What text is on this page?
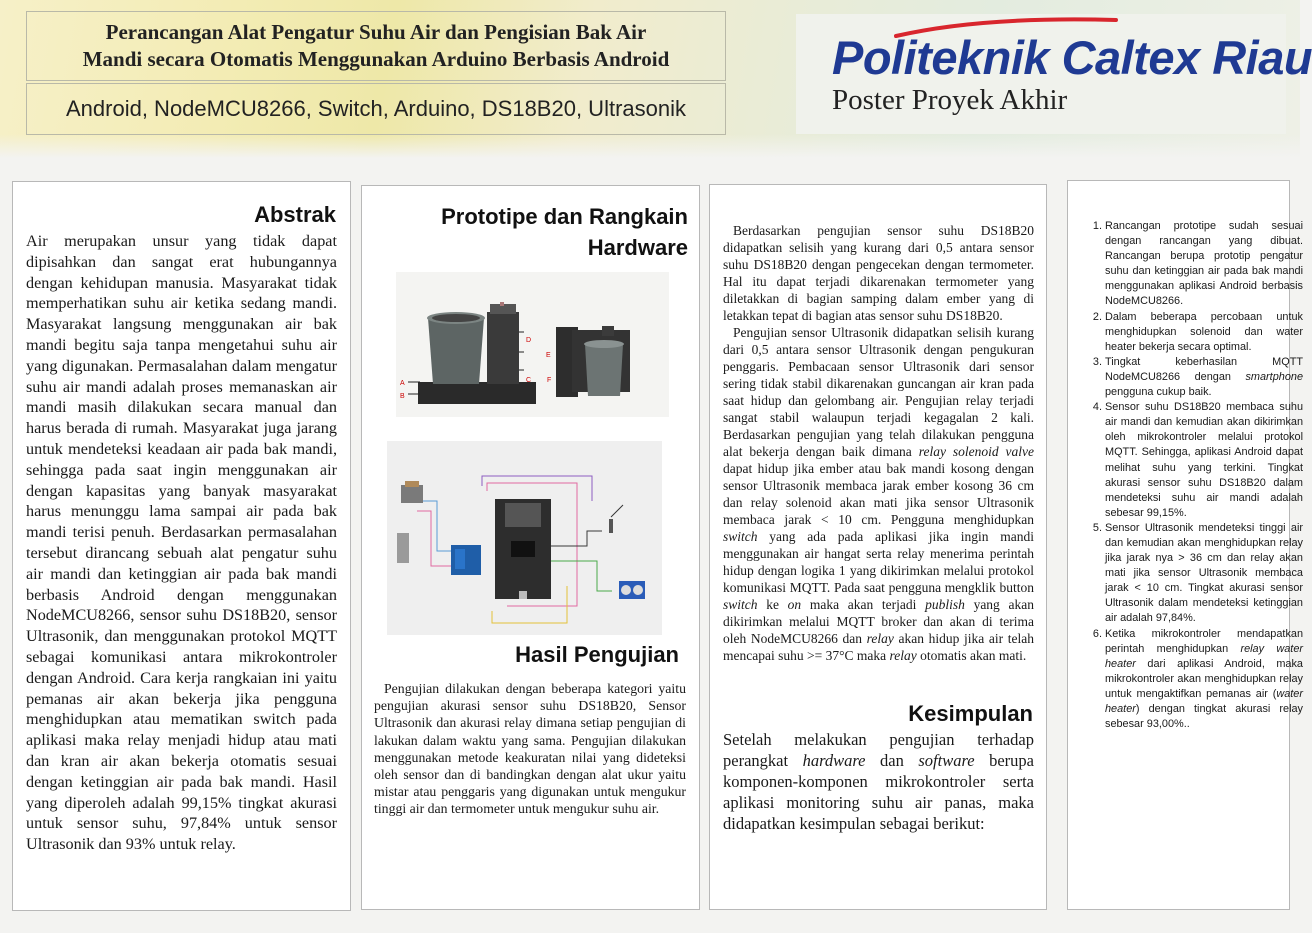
Perancangan Alat Pengatur Suhu Air dan Pengisian Bak Air
Mandi secara Otomatis Menggunakan Arduino Berbasis Android
Android, NodeMCU8266, Switch, Arduino, DS18B20, Ultrasonik
Politeknik Caltex Riau
Poster Proyek Akhir
Abstrak
Air merupakan unsur yang tidak dapat dipisahkan dan sangat erat hubungannya dengan kehidupan manusia. Masyarakat tidak memperhatikan suhu air ketika sedang mandi. Masyarakat langsung menggunakan air bak mandi begitu saja tanpa mengetahui suhu air yang digunakan. Permasalahan dalam mengatur suhu air mandi adalah proses memanaskan air mandi masih dilakukan secara manual dan harus berada di rumah. Masyarakat juga jarang untuk mendeteksi keadaan air pada bak mandi, sehingga pada saat ingin menggunakan air dengan kapasitas yang banyak masyarakat harus menunggu lama sampai air pada bak mandi terisi penuh. Berdasarkan permasalahan tersebut dirancang sebuah alat pengatur suhu air mandi dan ketinggian air pada bak mandi berbasis Android dengan menggunakan NodeMCU8266, sensor suhu DS18B20, sensor Ultrasonik, dan menggunakan protokol MQTT sebagai komunikasi antara mikrokontroler dengan Android. Cara kerja rangkaian ini yaitu pemanas air akan bekerja jika pengguna menghidupkan atau mematikan switch pada aplikasi maka relay menjadi hidup atau mati dan kran air akan bekerja otomatis sesuai dengan ketinggian air pada bak mandi. Hasil yang diperoleh adalah 99,15% tingkat akurasi untuk sensor suhu, 97,84% untuk sensor Ultrasonik dan 93% untuk relay.
Prototipe dan Rangkain Hardware
A
B
C
D
E
F
Hasil Pengujian
Pengujian dilakukan dengan beberapa kategori yaitu pengujian akurasi sensor suhu DS18B20, Sensor Ultrasonik dan akurasi relay dimana setiap pengujian di lakukan dalam waktu yang sama. Pengujian dilakukan menggunakan metode keakuratan nilai yang dideteksi oleh sensor dan di bandingkan dengan alat ukur yaitu mistar atau penggaris yang digunakan untuk mengukur tinggi air dan termometer untuk mengukur suhu air.

Berdasarkan pengujian sensor suhu DS18B20 didapatkan selisih yang kurang dari 0,5 antara sensor suhu DS18B20 dengan pengecekan dengan termometer. Hal itu dapat terjadi dikarenakan termometer yang diletakkan di bagian samping dalam ember yang di letakkan tepat di bagian atas sensor suhu DS18B20.

Pengujian sensor Ultrasonik didapatkan selisih kurang dari 0,5 antara sensor Ultrasonik dengan pengukuran penggaris. Pembacaan sensor Ultrasonik dari sensor sering tidak stabil dikarenakan guncangan air kran pada saat hidup dan gelombang air. Pengujian relay terjadi sangat stabil walaupun terjadi kegagalan 2 kali. Berdasarkan pengujian yang telah dilakukan pengguna alat bekerja dengan baik dimana relay solenoid valve dapat hidup jika ember atau bak mandi kosong dengan sensor Ultrasonik membaca jarak ember kosong 36 cm dan relay solenoid akan mati jika sensor Ultrasonik membaca jarak < 10 cm. Pengguna menghidupkan switch yang ada pada aplikasi jika ingin mandi menggunakan air hangat serta relay menerima perintah hidup dengan logika 1 yang dikirimkan melalui protokol komunikasi MQTT. Pada saat pengguna mengklik button switch ke on maka akan terjadi publish yang akan dikirimkan melalui MQTT broker dan akan di terima oleh NodeMCU8266 dan relay akan hidup jika air telah mencapai suhu >= 37°C maka relay otomatis akan mati.

Kesimpulan
Setelah melakukan pengujian terhadap perangkat hardware dan software berupa komponen-komponen mikrokontroler serta aplikasi monitoring suhu air panas, maka didapatkan kesimpulan sebagai berikut:
1. Rancangan prototipe sudah sesuai dengan rancangan yang dibuat. Rancangan berupa prototip pengatur suhu dan ketinggian air pada bak mandi menggunakan aplikasi Android berbasis NodeMCU8266.
2. Dalam beberapa percobaan untuk menghidupkan solenoid dan water heater bekerja secara optimal.
3. Tingkat keberhasilan MQTT NodeMCU8266 dengan smartphone pengguna cukup baik.
4. Sensor suhu DS18B20 membaca suhu air mandi dan kemudian akan dikirimkan oleh mikrokontroler melalui protokol MQTT. Sehingga, aplikasi Android dapat melihat suhu yang terkini. Tingkat akurasi sensor suhu DS18B20 dalam mendeteksi suhu air mandi adalah sebesar 99,15%.
5. Sensor Ultrasonik mendeteksi tinggi air dan kemudian akan menghidupkan relay jika jarak nya > 36 cm dan relay akan mati jika sensor Ultrasonik membaca jarak < 10 cm. Tingkat akurasi sensor Ultrasonik dalam mendeteksi ketinggian air adalah 97,84%.
6. Ketika mikrokontroler mendapatkan perintah menghidupkan relay water heater dari aplikasi Android, maka mikrokontroler akan menghidupkan relay untuk mengaktifkan pemanas air (water heater) dengan tingkat akurasi relay sebesar 93,00%..
